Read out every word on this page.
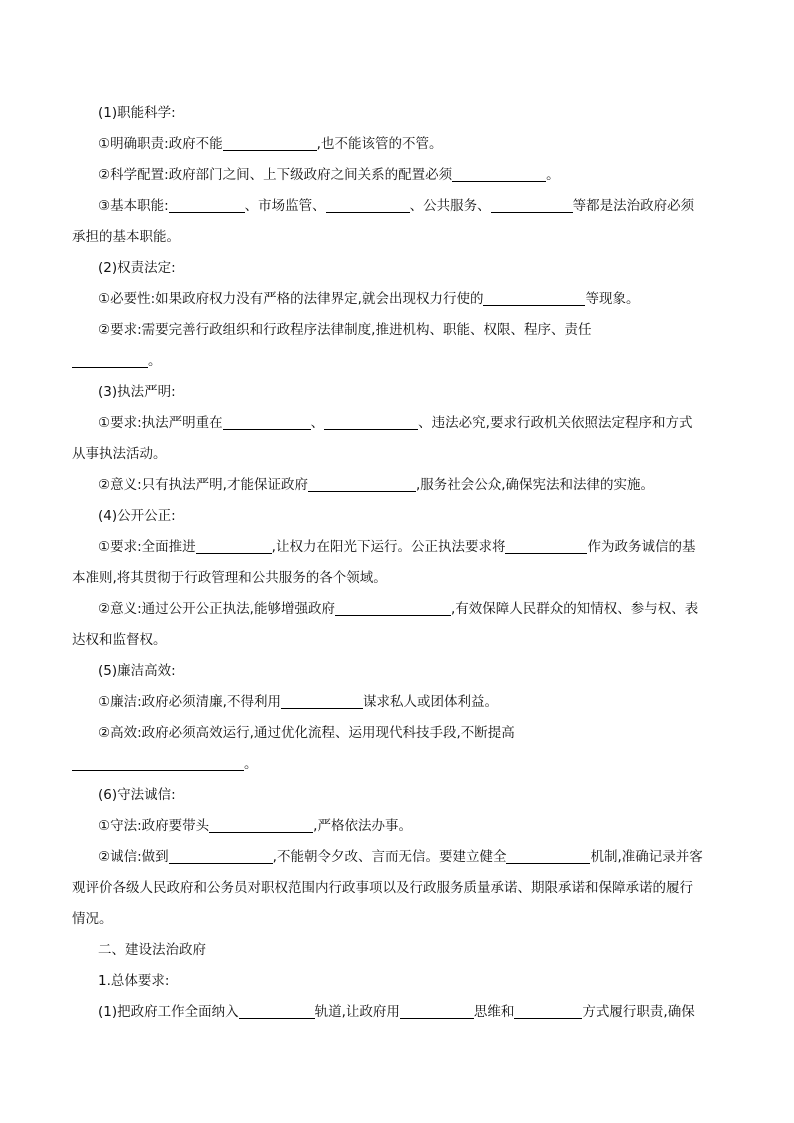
(1)职能科学:

①明确职责:政府不能	,也不能该管的不管。

②科学配置:政府部门之间、上下级政府之间关系的配置必须	。

③基本职能:	、市场监管、	、公共服务、	等都是法治政府必须

承担的基本职能。

(2)权责法定:

①必要性:如果政府权力没有严格的法律界定,就会出现权力行使的	等现象。

②要求:需要完善行政组织和行政程序法律制度,推进机构、职能、权限、程序、责任

。

(3)执法严明:

①要求:执法严明重在	、	、违法必究,要求行政机关依照法定程序和方式

从事执法活动。

②意义:只有执法严明,才能保证政府	,服务社会公众,确保宪法和法律的实施。

(4)公开公正:

①要求:全面推进	,让权力在阳光下运行。公正执法要求将	作为政务诚信的基

本准则,将其贯彻于行政管理和公共服务的各个领域。

②意义:通过公开公正执法,能够增强政府	,有效保障人民群众的知情权、参与权、表

达权和监督权。

(5)廉洁高效:

①廉洁:政府必须清廉,不得利用	谋求私人或团体利益。

②高效:政府必须高效运行,通过优化流程、运用现代科技手段,不断提高

。

(6)守法诚信:

①守法:政府要带头	,严格依法办事。

②诚信:做到	,不能朝令夕改、言而无信。要建立健全	机制,准确记录并客

观评价各级人民政府和公务员对职权范围内行政事项以及行政服务质量承诺、期限承诺和保障承诺的履行

情况。

二、建设法治政府

1.总体要求:

(1)把政府工作全面纳入	轨道,让政府用	思维和	方式履行职责,确保
